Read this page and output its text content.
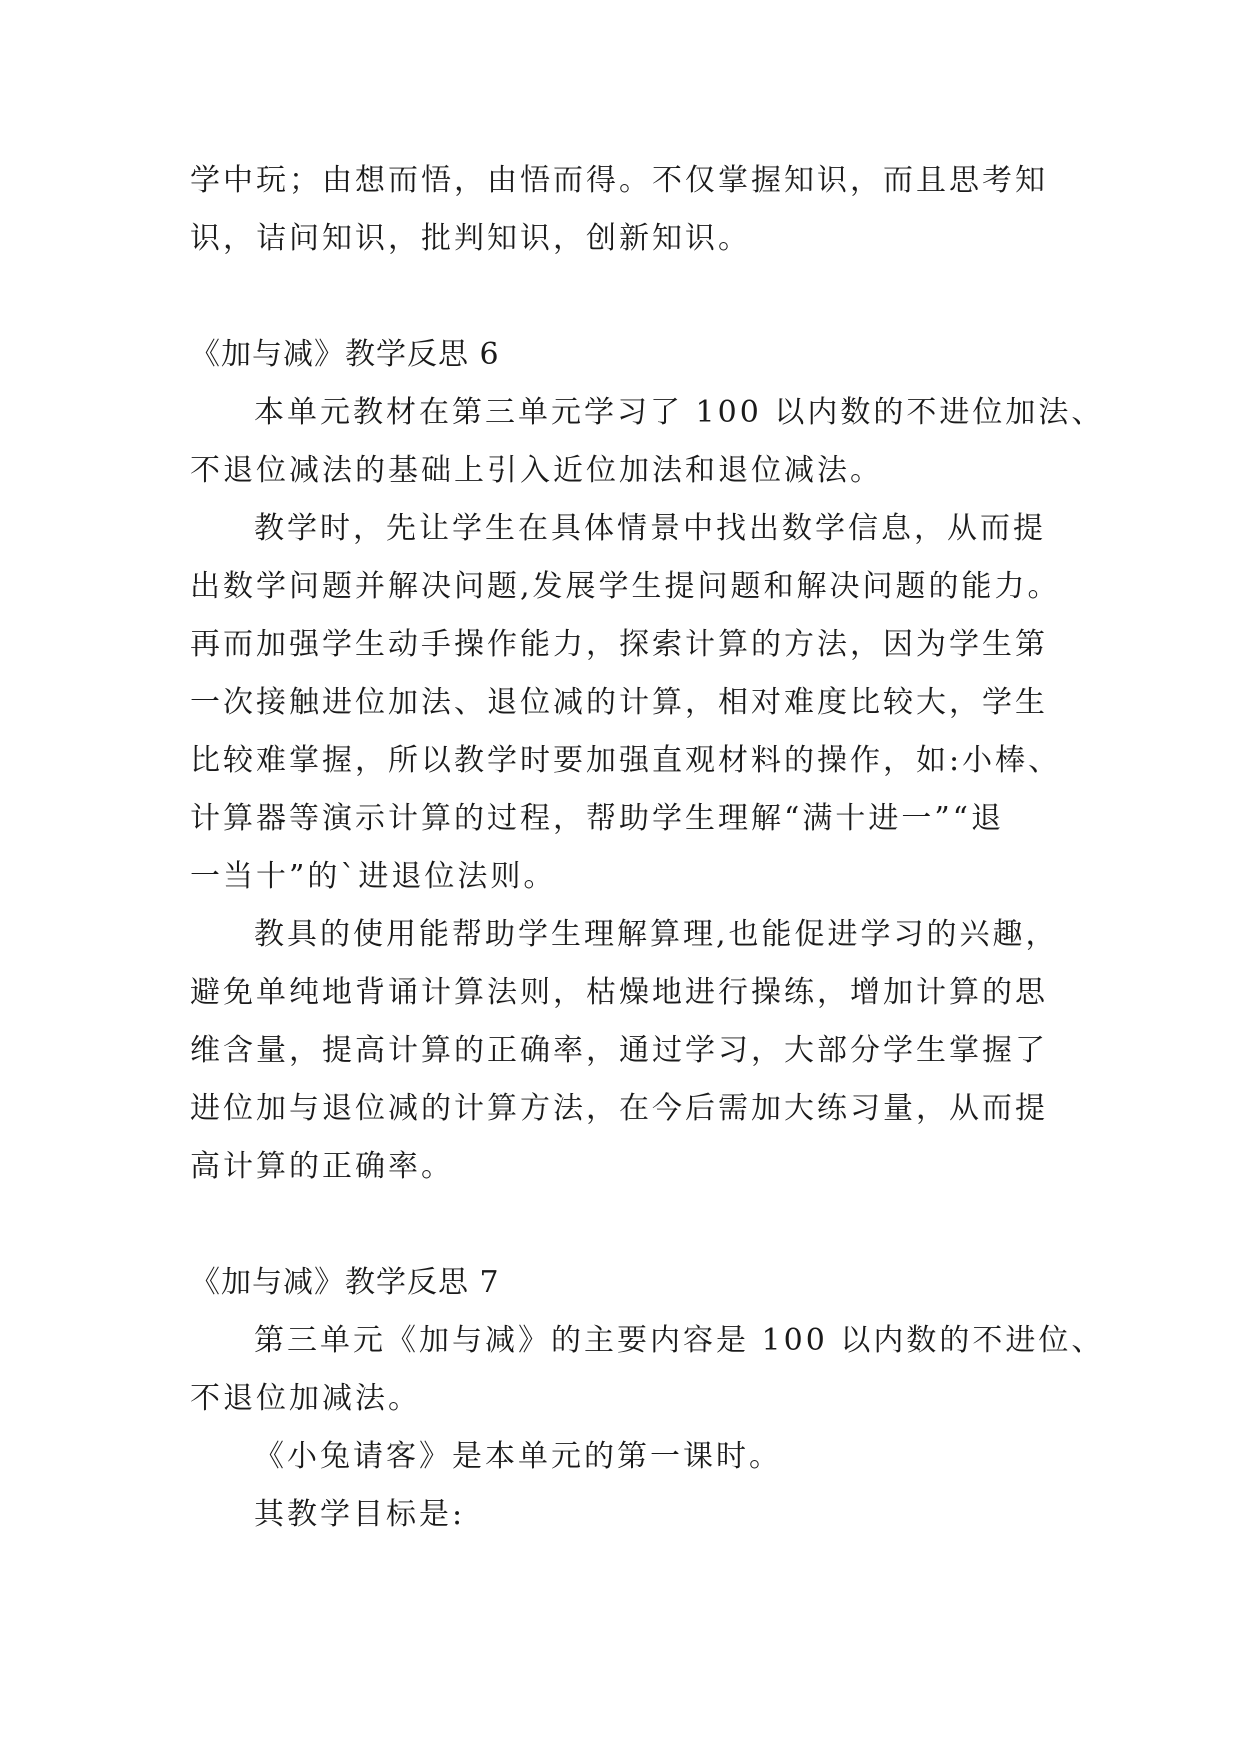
学中玩；由想而悟，由悟而得。不仅掌握知识，而且思考知
识，诘问知识，批判知识，创新知识。
《加与减》教学反思 6
本单元教材在第三单元学习了 100 以内数的不进位加法、
不退位减法的基础上引入近位加法和退位减法。
教学时，先让学生在具体情景中找出数学信息，从而提
出数学问题并解决问题,发展学生提问题和解决问题的能力。
再而加强学生动手操作能力，探索计算的方法，因为学生第
一次接触进位加法、退位减的计算，相对难度比较大，学生
比较难掌握，所以教学时要加强直观材料的操作，如:小棒、
计算器等演示计算的过程，帮助学生理解“满十进一”“退
一当十”的`进退位法则。
教具的使用能帮助学生理解算理,也能促进学习的兴趣，
避免单纯地背诵计算法则，枯燥地进行操练，增加计算的思
维含量，提高计算的正确率，通过学习，大部分学生掌握了
进位加与退位减的计算方法，在今后需加大练习量，从而提
高计算的正确率。
《加与减》教学反思 7
第三单元《加与减》的主要内容是 100 以内数的不进位、
不退位加减法。
《小兔请客》是本单元的第一课时。
其教学目标是:
